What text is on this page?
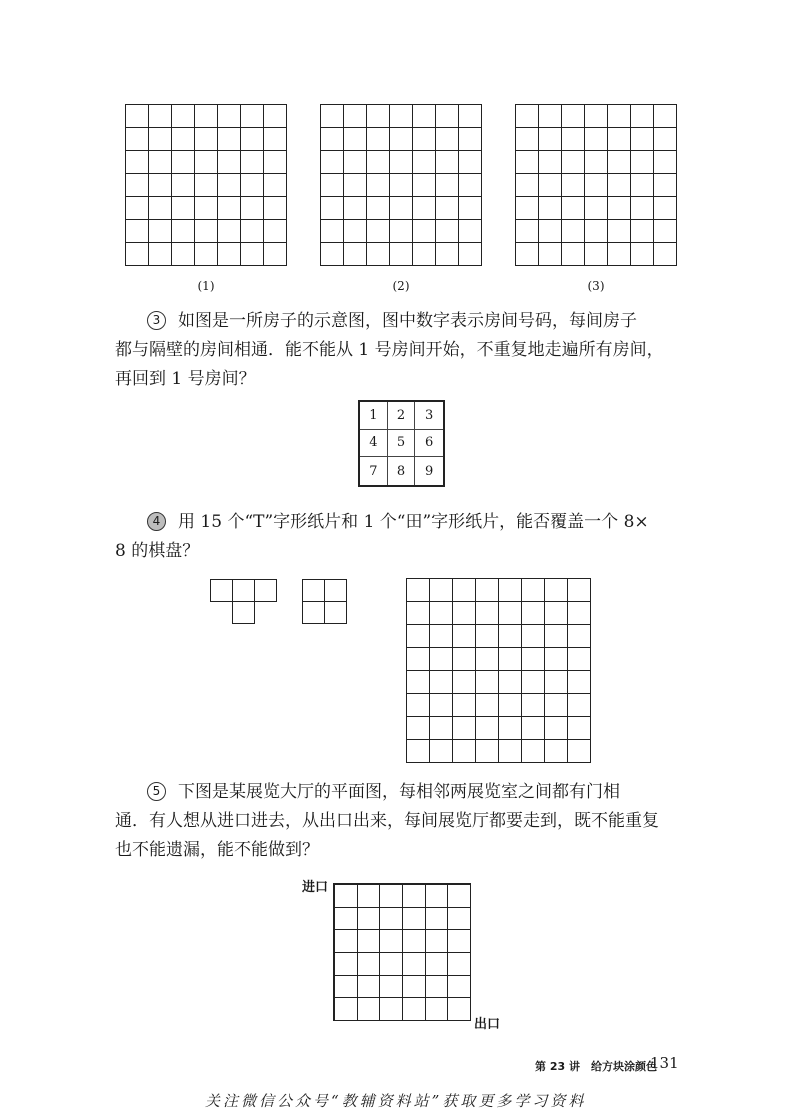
(1)	(2)	(3)
3 如图是一所房子的示意图，图中数字表示房间号码，每间房子
都与隔壁的房间相通．能不能从 1 号房间开始，不重复地走遍所有房间，
再回到 1 号房间？
1	2	3
4	5	6
7	8	9
4 用 15 个“T”字形纸片和 1 个“田”字形纸片，能否覆盖一个 8×
8 的棋盘？
5 下图是某展览大厅的平面图，每相邻两展览室之间都有门相
通．有人想从进口进去，从出口出来，每间展览厅都要走到，既不能重复
也不能遗漏，能不能做到？
进口
出口
第 23 讲　给方块涂颜色
131
关注微信公众号“教辅资料站”获取更多学习资料
